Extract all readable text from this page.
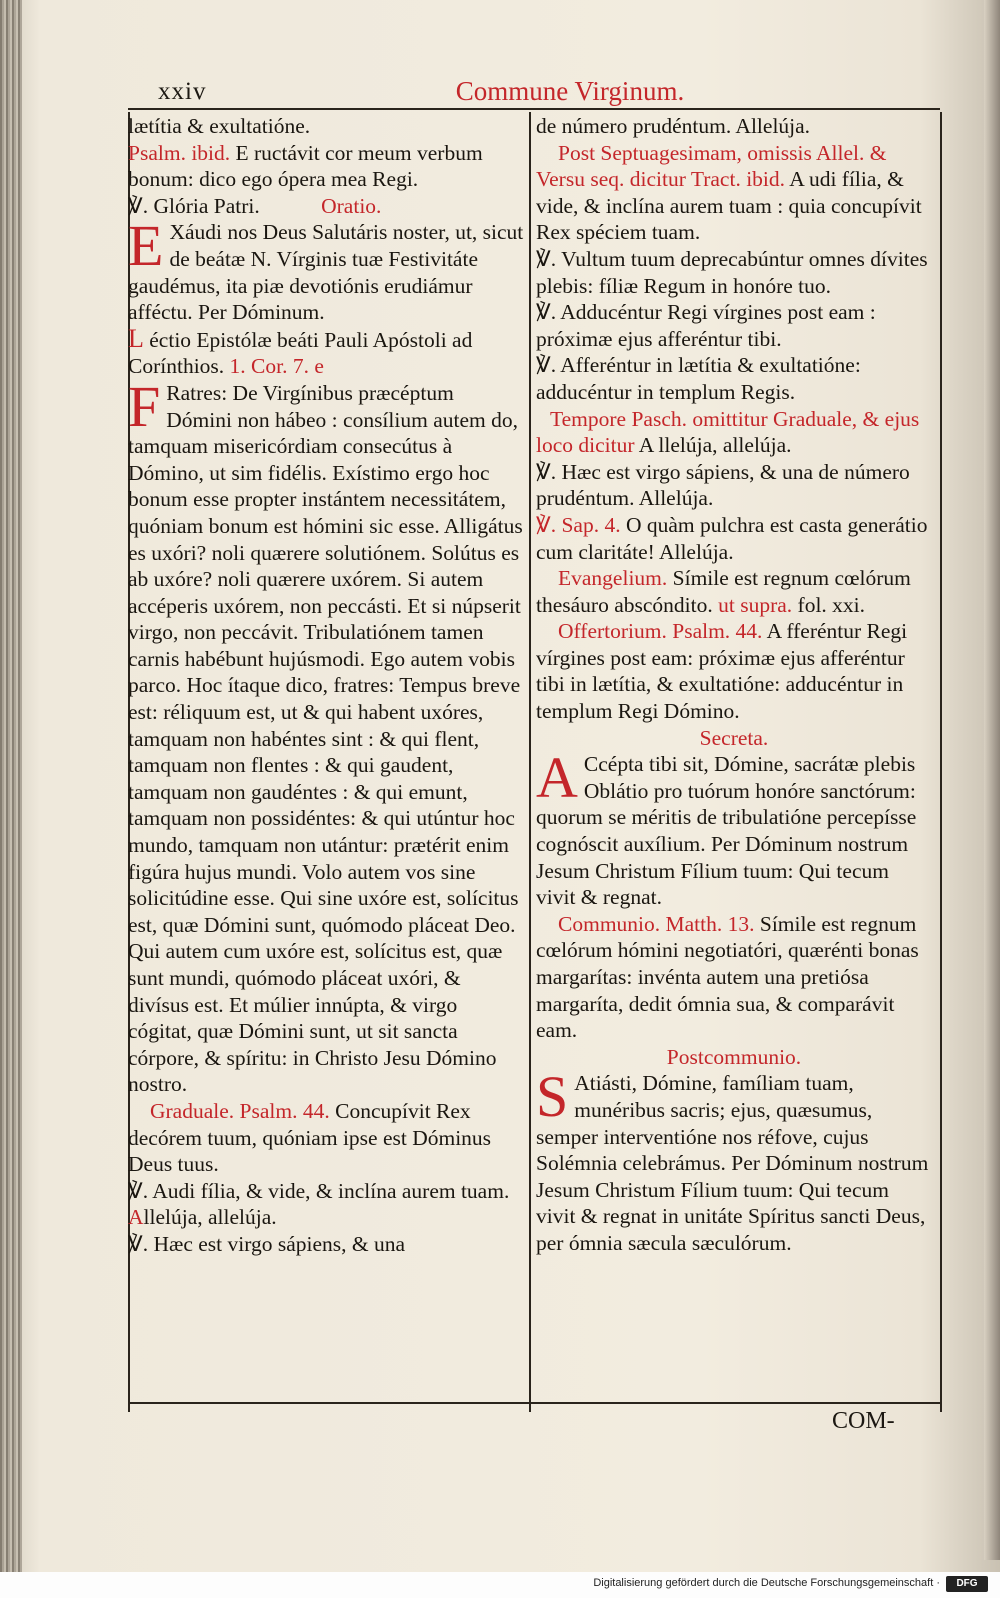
xxiv	Commune Virginum.

lætítia & exultatióne.

Psalm. ibid. E ructávit cor meum verbum bonum: dico ego ópera mea Regi.

℣. Glória Patri.	Oratio.

E Xáudi nos Deus Salutáris noster, ut, sicut de beátæ N. Vírginis tuæ Festivitáte gaudémus, ita piæ devotiónis erudiámur afféctu. Per Dóminum.

L éctio Epistólæ beáti Pauli Apóstoli ad Corínthios. 1. Cor. 7. e

F Ratres: De Virgínibus præcéptum Dómini non hábeo : consílium autem do, tamquam misericórdiam consecútus à Dómino, ut sim fidélis. Exístimo ergo hoc bonum esse propter instántem necessitátem, quóniam bonum est hómini sic esse. Alligátus es uxóri? noli quærere solutiónem. Solútus es ab uxóre? noli quærere uxórem. Si autem accéperis uxórem, non peccásti. Et si núpserit virgo, non peccávit. Tribulatiónem tamen carnis habébunt hujúsmodi. Ego autem vobis parco. Hoc ítaque dico, fratres: Tempus breve est: réliquum est, ut & qui habent uxóres, tamquam non habéntes sint : & qui flent, tamquam non flentes : & qui gaudent, tamquam non gaudéntes : & qui emunt, tamquam non possidéntes: & qui utúntur hoc mundo, tamquam non utántur: prætérit enim figúra hujus mundi. Volo autem vos sine solicitúdine esse. Qui sine uxóre est, solícitus est, quæ Dómini sunt, quómodo pláceat Deo. Qui autem cum uxóre est, solícitus est, quæ sunt mundi, quómodo pláceat uxóri, & divísus est. Et múlier innúpta, & virgo cógitat, quæ Dómini sunt, ut sit sancta córpore, & spíritu: in Christo Jesu Dómino nostro.

Graduale. Psalm. 44. Concupívit Rex decórem tuum, quóniam ipse est Dóminus Deus tuus.

℣. Audi fília, & vide, & inclína aurem tuam.

Allelúja, allelúja.

℣. Hæc est virgo sápiens, & una

de número prudéntum. Allelúja.

Post Septuagesimam, omissis Allel. & Versu seq. dicitur Tract. ibid. A udi fília, & vide, & inclína aurem tuam : quia concupívit Rex spéciem tuam.

℣. Vultum tuum deprecabúntur omnes dívites plebis: fíliæ Regum in honóre tuo.

℣. Adducéntur Regi vírgines post eam : próximæ ejus afferéntur tibi.

℣. Afferéntur in lætítia & exultatióne: adducéntur in templum Regis.

Tempore Pasch. omittitur Graduale, & ejus loco dicitur A llelúja, allelúja.

℣. Hæc est virgo sápiens, & una de número prudéntum. Allelúja.

℣. Sap. 4. O quàm pulchra est casta generátio cum claritáte! Allelúja.

Evangelium. Símile est regnum cœlórum thesáuro abscóndito. ut supra. fol. xxi.

Offertorium. Psalm. 44. A fferéntur Regi vírgines post eam: próximæ ejus afferéntur tibi in lætítia, & exultatióne: adducéntur in templum Regi Dómino.

Secreta.

A Ccépta tibi sit, Dómine, sacrátæ plebis Oblátio pro tuórum honóre sanctórum: quorum se méritis de tribulatióne percepísse cognóscit auxílium. Per Dóminum nostrum Jesum Christum Fílium tuum: Qui tecum vivit & regnat.

Communio. Matth. 13. Símile est regnum cœlórum hómini negotiatóri, quærénti bonas margarítas: invénta autem una pretiósa margaríta, dedit ómnia sua, & comparávit eam.

Postcommunio.

S Atiásti, Dómine, famíliam tuam, munéribus sacris; ejus, quæsumus, semper interventióne nos réfove, cujus Solémnia celebrámus. Per Dóminum nostrum Jesum Christum Fílium tuum: Qui tecum vivit & regnat in unitáte Spíritus sancti Deus, per ómnia sæcula sæculórum.

COM-
Digitalisierung gefördert durch die Deutsche Forschungsgemeinschaft ·	DFG
